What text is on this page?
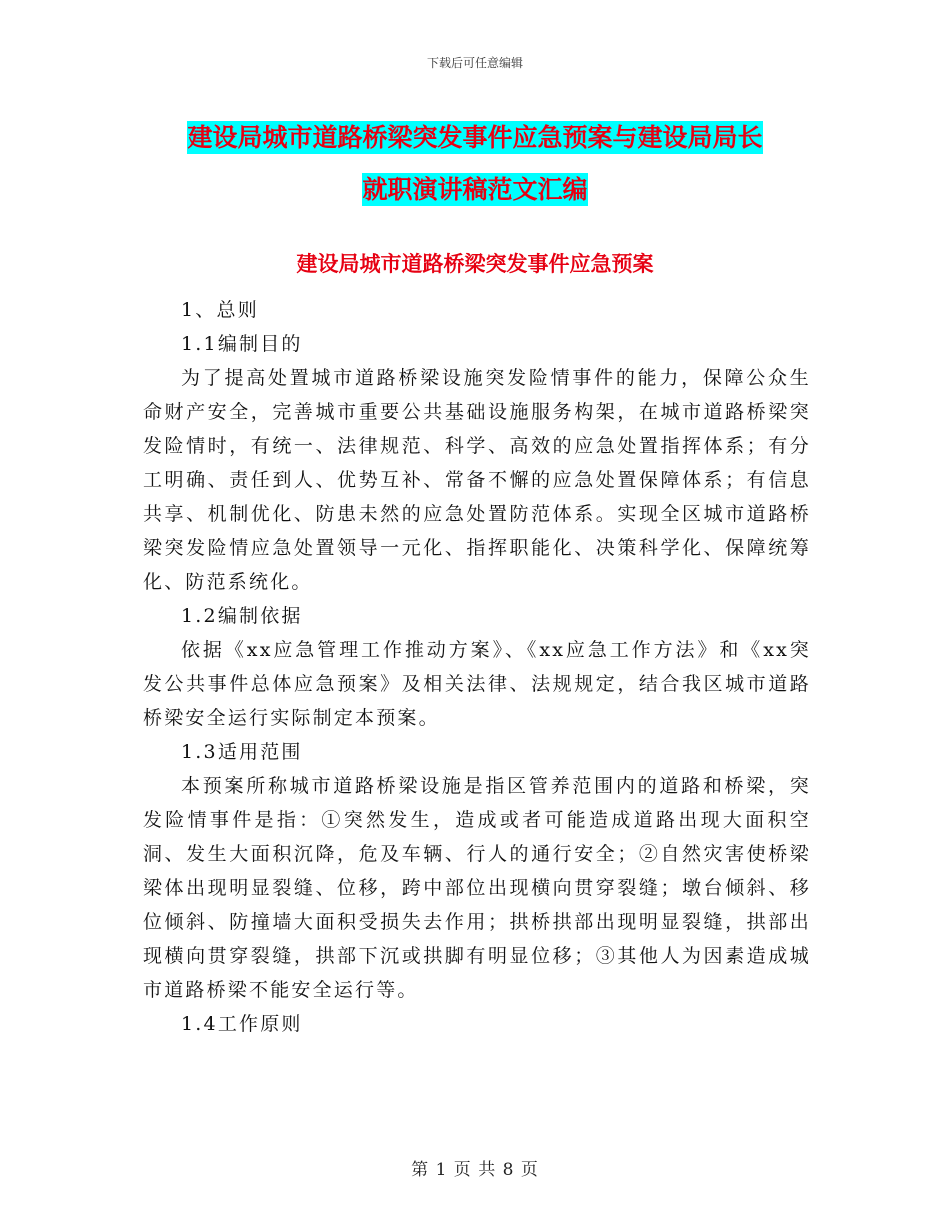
下载后可任意编辑
建设局城市道路桥梁突发事件应急预案与建设局局长
就职演讲稿范文汇编
建设局城市道路桥梁突发事件应急预案

1、总则

1.1编制目的

为了提高处置城市道路桥梁设施突发险情事件的能力，保障公众生命财产安全，完善城市重要公共基础设施服务构架，在城市道路桥梁突发险情时，有统一、法律规范、科学、高效的应急处置指挥体系；有分工明确、责任到人、优势互补、常备不懈的应急处置保障体系；有信息共享、机制优化、防患未然的应急处置防范体系。实现全区城市道路桥梁突发险情应急处置领导一元化、指挥职能化、决策科学化、保障统筹化、防范系统化。

1.2编制依据

依据《xx应急管理工作推动方案》、《xx应急工作方法》和《xx突发公共事件总体应急预案》及相关法律、法规规定，结合我区城市道路桥梁安全运行实际制定本预案。

1.3适用范围

本预案所称城市道路桥梁设施是指区管养范围内的道路和桥梁，突发险情事件是指：①突然发生，造成或者可能造成道路出现大面积空洞、发生大面积沉降，危及车辆、行人的通行安全；②自然灾害使桥梁梁体出现明显裂缝、位移，跨中部位出现横向贯穿裂缝；墩台倾斜、移位倾斜、防撞墙大面积受损失去作用；拱桥拱部出现明显裂缝，拱部出现横向贯穿裂缝，拱部下沉或拱脚有明显位移；③其他人为因素造成城市道路桥梁不能安全运行等。

1.4工作原则

第 1 页 共 8 页
